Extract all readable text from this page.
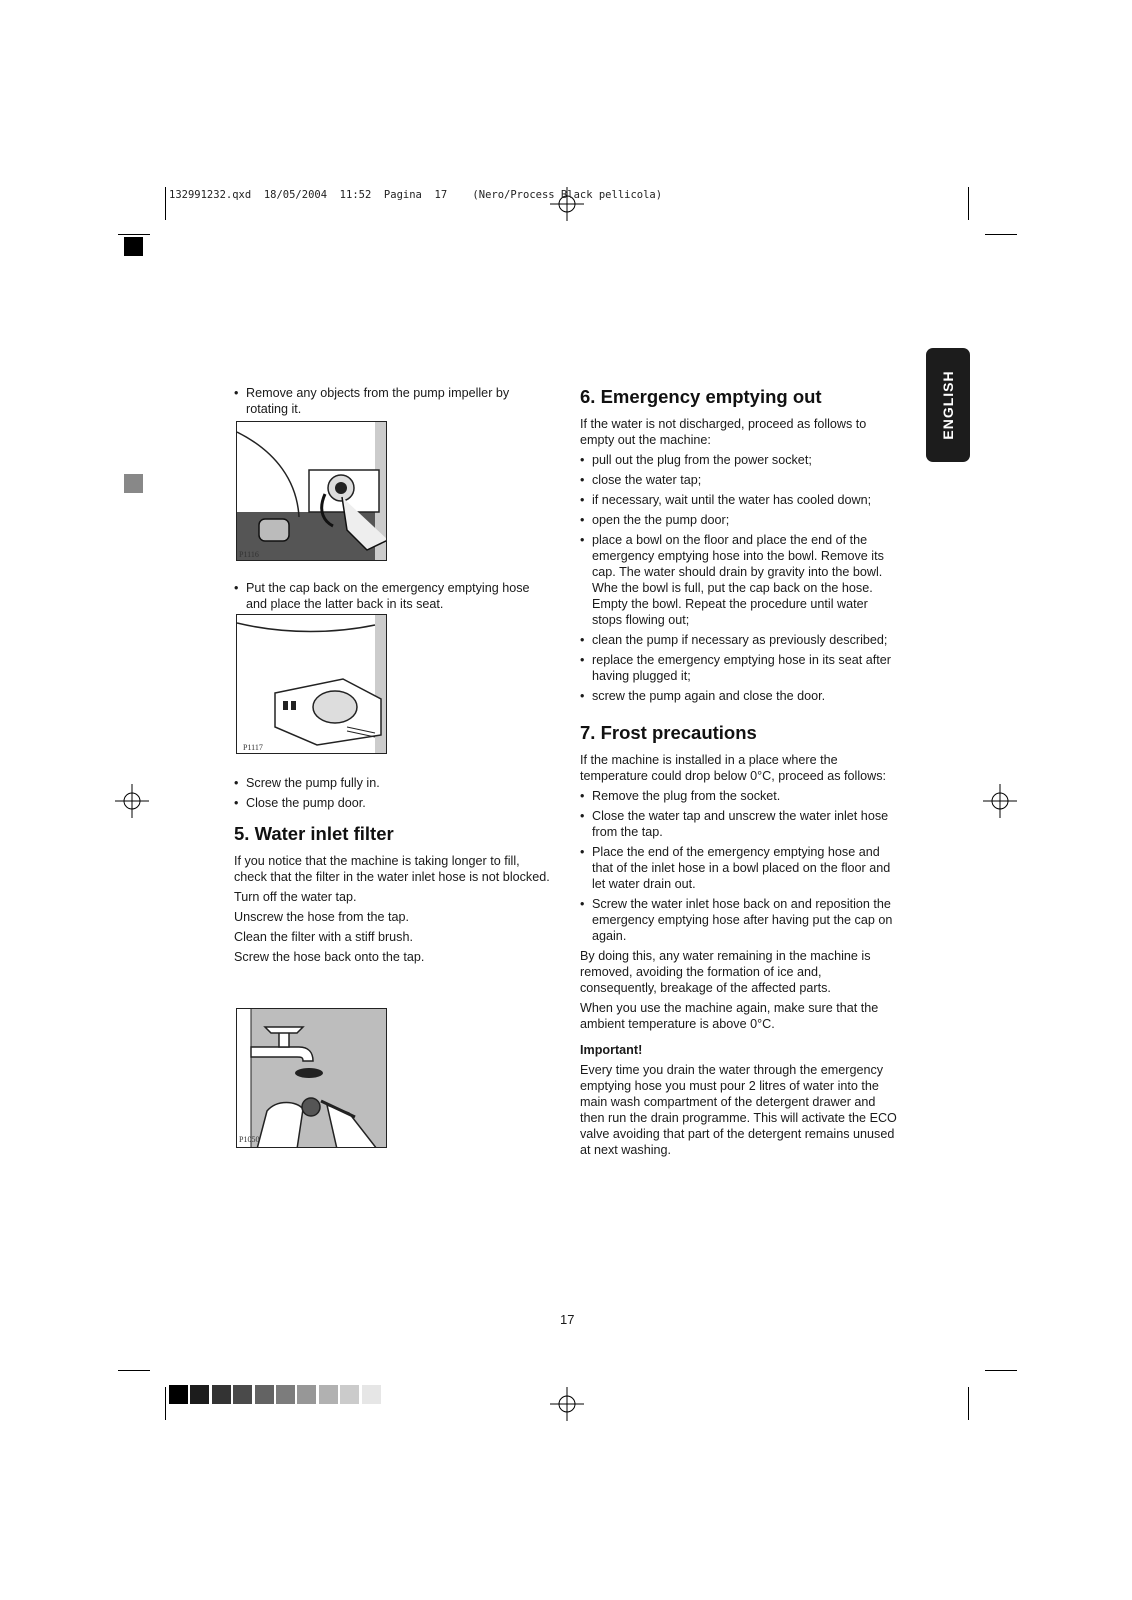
132991232.qxd  18/05/2004  11:52  Pagina  17    (Nero/Process Black pellicola)
ENGLISH
• Remove any objects from the pump impeller by rotating it.
P1116
• Put the cap back on the emergency emptying hose and place the latter back in its seat.
P1117
• Screw the pump fully in.
• Close the pump door.
5. Water inlet filter

If you notice that the machine is taking longer to fill, check that the filter in the water inlet hose is not blocked.

Turn off the water tap.

Unscrew the hose from the tap.

Clean the filter with a stiff brush.

Screw the hose back onto the tap.

P1050
6. Emergency emptying out

If the water is not discharged, proceed as follows to empty out the machine:

• pull out the plug from the power socket;
• close the water tap;
• if necessary, wait until the water has cooled down;
• open the the pump door;
• place a bowl on the floor and place the end of the emergency emptying hose into the bowl. Remove its cap. The water should drain by gravity into the bowl. Whe the bowl is full, put the cap back on the hose. Empty the bowl. Repeat the procedure until water stops flowing out;
• clean the pump if necessary as previously described;
• replace the emergency emptying hose in its seat after having plugged it;
• screw the pump again and close the door.
7. Frost precautions

If the machine is installed in a place where the temperature could drop below 0°C, proceed as follows:

• Remove the plug from the socket.
• Close the water tap and unscrew the water inlet hose from the tap.
• Place the end of the emergency emptying hose and that of the inlet hose in a bowl placed on the floor and let water drain out.
• Screw the water inlet hose back on and reposition the emergency emptying hose after having put the cap on again.

By doing this, any water remaining in the machine is removed, avoiding the formation of ice and, consequently, breakage of the affected parts.

When you use the machine again, make sure that the ambient temperature is above 0°C.

Important!

Every time you drain the water through the emergency emptying hose you must pour 2 litres of water into the main wash compartment of the detergent drawer and then run the drain programme. This will activate the ECO valve avoiding that part of the detergent remains unused at next washing.

17
